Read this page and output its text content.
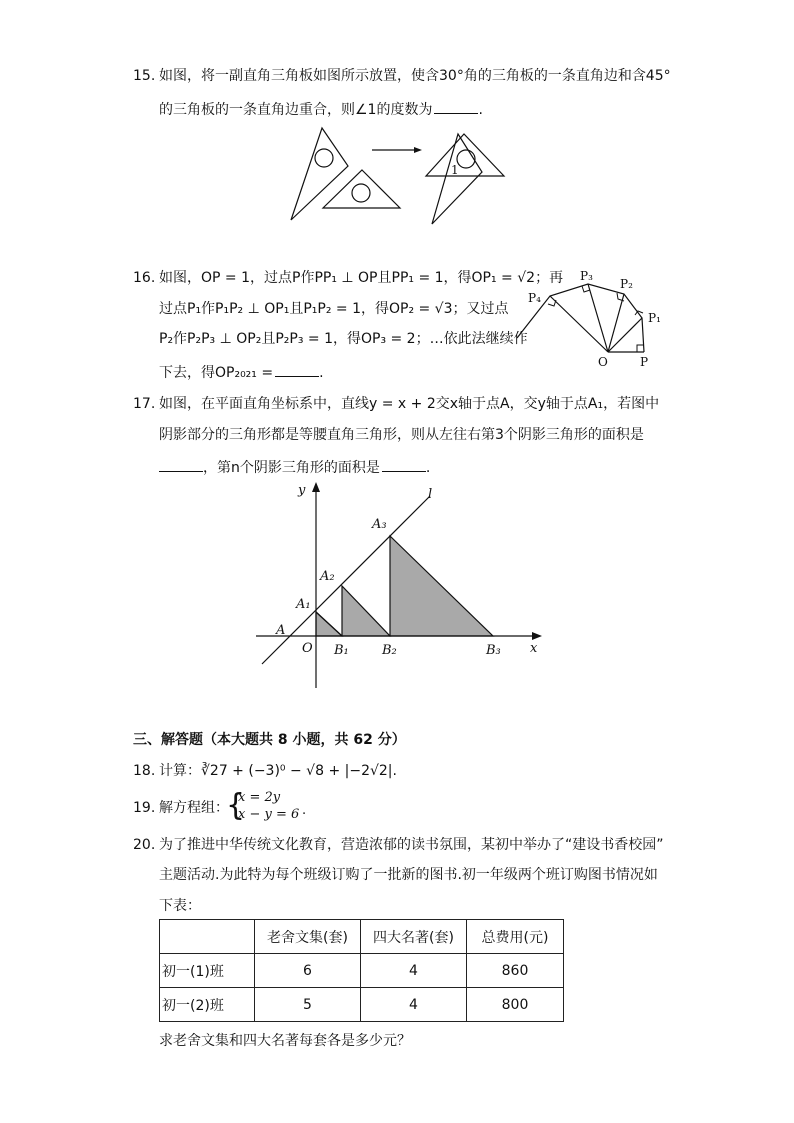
15. 如图，将一副直角三角板如图所示放置，使含30°角的三角板的一条直角边和含45°
的三角板的一条直角边重合，则∠1的度数为	.
1
16. 如图，OP = 1，过点P作PP₁ ⊥ OP且PP₁ = 1，得OP₁ = √2；再
过点P₁作P₁P₂ ⊥ OP₁且P₁P₂ = 1，得OP₂ = √3；又过点
P₂作P₂P₃ ⊥ OP₂且P₂P₃ = 1，得OP₃ = 2；…依此法继续作
下去，得OP₂₀₂₁ =	.
P₄
P₃
P₂
P₁
O	P
17. 如图，在平面直角坐标系中，直线y = x + 2交x轴于点A，交y轴于点A₁，若图中
阴影部分的三角形都是等腰直角三角形，则从左往右第3个阴影三角形的面积是
，第n个阴影三角形的面积是	.
y	l
x
A
O
A₁
A₂
A₃
B₁	B₂	B₃
三、解答题（本大题共 8 小题，共 62 分）
18. 计算：∛27 + (−3)⁰ − √8 + |−2√2|.
19. 解方程组：
{
x = 2y
x − y = 6 ·
20. 为了推进中华传统文化教育，营造浓郁的读书氛围，某初中举办了“建设书香校园”
主题活动.为此特为每个班级订购了一批新的图书.初一年级两个班订购图书情况如
下表：
	老舍文集(套)	四大名著(套)	总费用(元)
初一(1)班	6	4	860
初一(2)班	5	4	800
求老舍文集和四大名著每套各是多少元？
